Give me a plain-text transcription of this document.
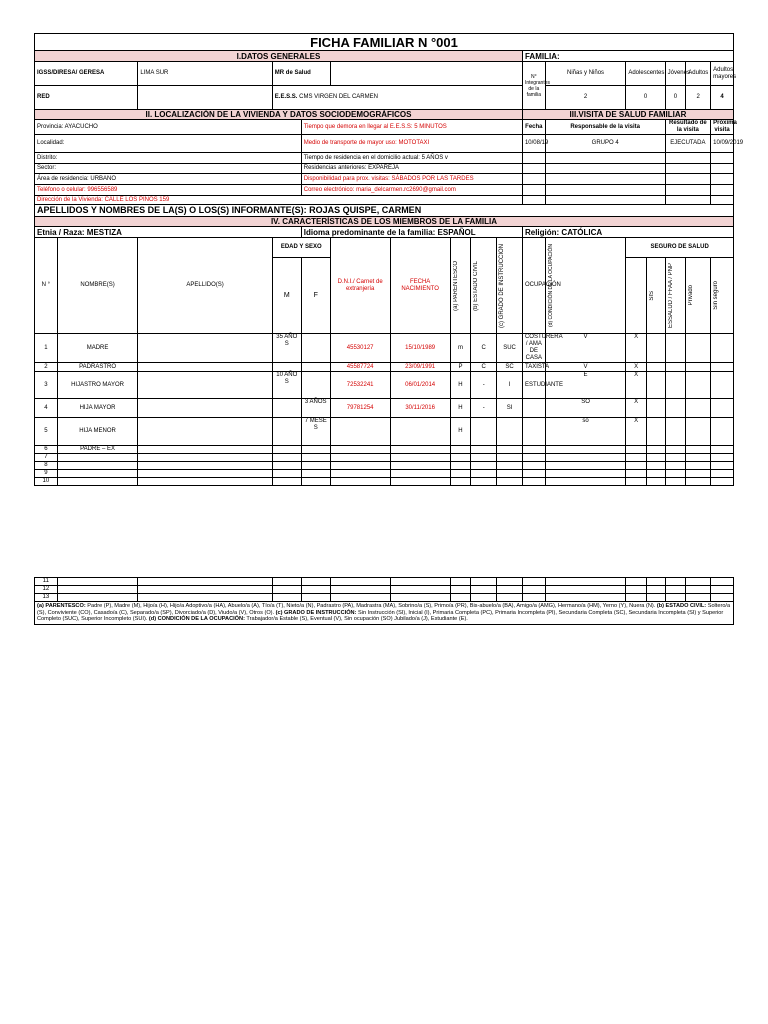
FICHA FAMILIAR N °001																
I.DATOS GENERALES										FAMILIA:						
IGSS/DIRESA/ GERESA		LIMA SUR	MR de Salud							N° Integrantes de la familia	Niñas y Niños	Adolescentes		Jóvenes	Adultos	Adultos mayores
RED			E.E.S.S. CMS VIRGEN DEL CARMEN								2	0		0	2	4
II. LOCALIZACIÓN DE LA VIVIENDA Y DATOS SOCIODEMOGRÁFICOS										III.VISITA DE SALUD FAMILIAR						
Provincia: AYACUCHO				Tiempo que demora en llegar al E.E.S.S: 5 MINUTOS						Fecha	Responsable de la visita			Resultado de la visita		Próxima visita
Localidad:				Medio de transporte de mayor uso: MOTOTAXI						10/08/19	GRUPO 4			EJECUTADA		10/09/2019
Distrito:				Tiempo de residencia en el domicilio actual: 5 AÑOS v												
Sector:				Residencias anteriores: EXPAREJA												
Área de residencia: URBANO				Disponibilidad para prox. visitas: SÁBADOS POR LAS TARDES												
Teléfono o celular: 996556589				Correo electrónico: maria_delcarmen.rc2690@gmail.com												
Dirección de la Vivienda: CALLE LOS PINOS 159																
APELLIDOS Y NOMBRES DE LA(S) O LOS(S) INFORMANTE(S): ROJAS QUISPE, CARMEN																
IV. CARACTERÍSTICAS DE LOS MIEMBROS DE LA FAMILIA																
Etnia / Raza: MESTIZA				Idioma predominante de la familia: ESPAÑOL						Religión: CATÓLICA						
N °	NOMBRE(S)	APELLIDO(S)	EDAD Y SEXO		D.N.I./ Carnet de extranjería	FECHA NACIMIENTO	(a) PARENTESCO	(b) ESTADO CIVIL	(c) GRADO DE INSTRUCCIÓN	OCUPACIÓN	(d) CONDICIÓN DE LA OCUPACIÓN	SEGURO DE SALUD				
			M	F									SIS	ESSALUD / FFAA / PNP	Privado	Sin seguro

1	MADRE		35 AÑO S		45530127	15/10/1989	m	C	SUC	COSTURERA / AMA DE CASA	V	X				
2	PADRASTRO				45587724	23/09/1991	P	C	SC	TAXISTA	V	X				
3	HIJASTRO MAYOR		10 AÑO S		72532241	06/01/2014	H	-	I	ESTUDIANTE	E	X				
4	HIJA MAYOR			3 AÑOS	79781254	30/11/2016	H	-	SI		SO	X				
5	HIJA MENOR			7 MESE S			H				so	X				
6	PADRE – EX															
7																
8																
9																
10																
11																
12																
13																
(a) PARENTESCO: Padre (P), Madre (M), Hijo/a (H), Hijo/a Adoptivo/a (HA), Abuelo/a (A), Tío/a (T), Nieto/a (N), Padrastro (PA), Madrastra (MA), Sobrino/a (S), Primo/a (PR), Bis-abuelo/a (BA), Amigo/a (AMG), Hermano/a (HM), Yerno (Y), Nuera (N). (b) ESTADO CIVIL: Soltero/a (S), Conviviente (CO), Casado/a (C), Separado/a (SP), Divorciado/a (D), Viudo/a (V), Otros (O). (c) GRADO DE INSTRUCCIÓN: Sin Instrucción (SI), Inicial (I), Primaria Completa (PC), Primaria Incompleta (PI), Secundaria Completa (SC), Secundaria Incompleta (SI) y Superior Completo (SUC), Superior Incompleto (SUI). (d) CONDICIÓN DE LA OCUPACIÓN: Trabajador/a Estable (S), Eventual (V), Sin ocupación (SO) Jubilado/a (J), Estudiante (E).																
